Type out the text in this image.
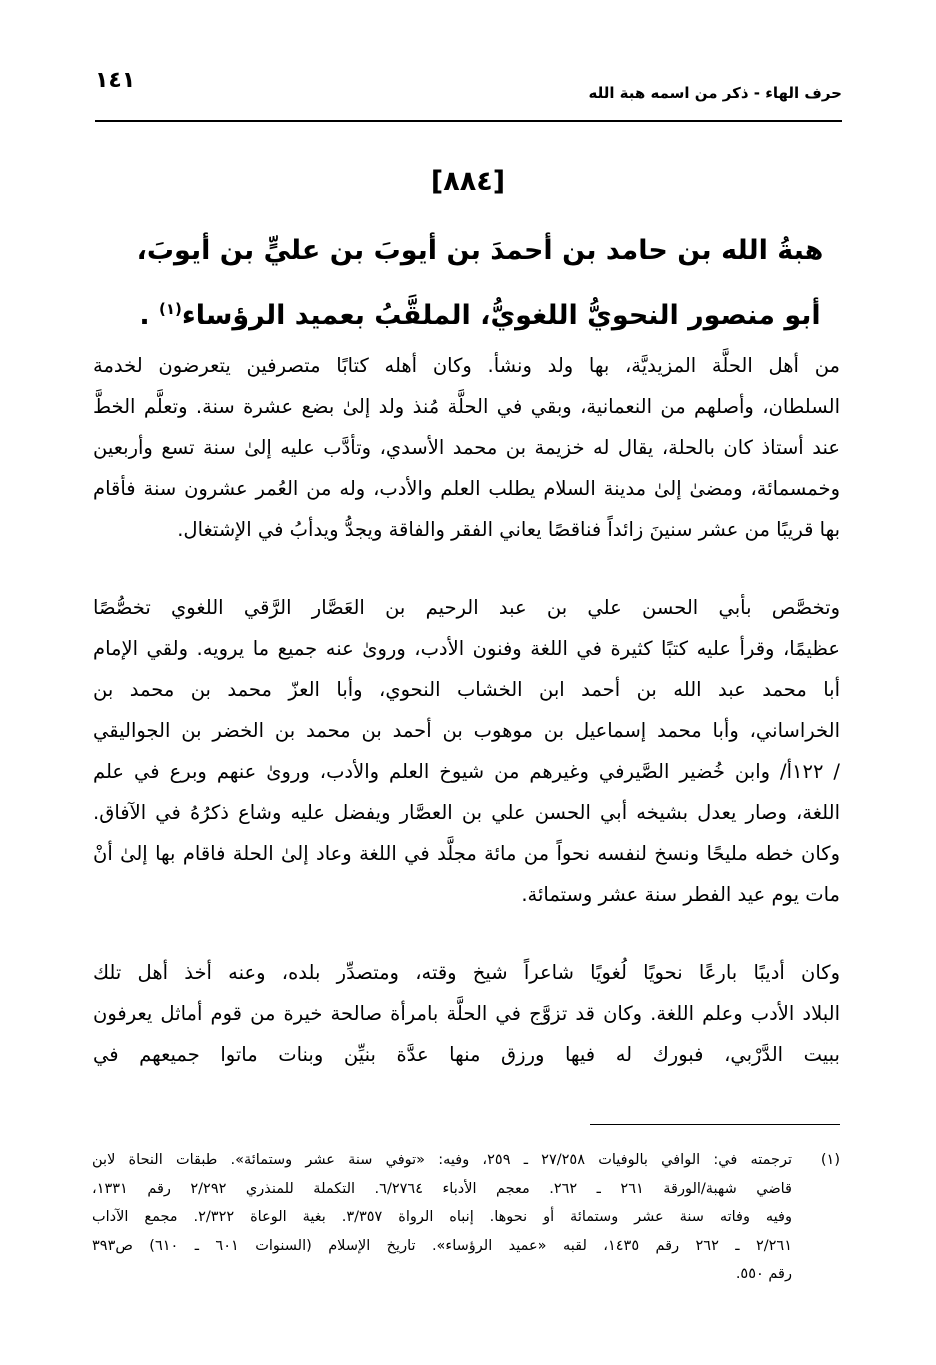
حرف الهاء - ذكر من اسمه هبة الله
١٤١
[٨٨٤]
هبةُ الله بن حامد بن أحمدَ بن أيوبَ بن عليٍّ بن أيوبَ،
أبو منصور النحويُّ اللغويُّ، الملقَّبُ بعميد الرؤساء$^{(١)}$ .
من أهل الحلَّة المزيديَّة، بها ولد ونشأ. وكان أهله كتابًا متصرفين يتعرضون لخدمة
السلطان، وأصلهم من النعمانية، وبقي في الحلَّة مُنذ ولد إلىٰ بضع عشرة سنة. وتعلَّم الخطَّ
عند أستاذ كان بالحلة، يقال له خزيمة بن محمد الأسدي، وتأدَّب عليه إلىٰ سنة تسع وأربعين
وخمسمائة، ومضىٰ إلىٰ مدينة السلام يطلب العلم والأدب، وله من العُمر عشرون سنة فأقام
بها قريبًا من عشر سنينَ زائداً فناقصًا يعاني الفقر والفاقة ويجدُّ ويدأبُ في الإشتغال.
وتخصَّص بأبي الحسن علي بن عبد الرحيم بن العَصَّار الرَّقي اللغوي تخصُّصًا
عظيمًا، وقرأ عليه كتبًا كثيرة في اللغة وفنون الأدب، وروىٰ عنه جميع ما يرويه. ولقي الإمام
أبا محمد عبد الله بن أحمد ابن الخشاب النحوي، وأبا العزّ محمد بن محمد بن
الخراساني، وأبا محمد إسماعيل بن موهوب بن أحمد بن محمد بن الخضر بن الجواليقي
/ ١٢٢أ/ وابن خُضير الصَّيرفي وغيرهم من شيوخ العلم والأدب، وروىٰ عنهم وبرع في علم
اللغة، وصار يعدل بشيخه أبي الحسن علي بن العصَّار ويفضل عليه وشاع ذكرُهُ في الآفاق.
وكان خطه مليحًا ونسخ لنفسه نحواً من مائة مجلَّد في اللغة وعاد إلىٰ الحلة فاقام بها إلىٰ أنْ
مات يوم عيد الفطر سنة عشر وستمائة.
وكان أديبًا بارعًا نحويًا لُغويًا شاعراً شيخ وقته، ومتصدِّر بلده، وعنه أخذ أهل تلك
البلاد الأدب وعلم اللغة. وكان قد تزوَّج في الحلَّة بامرأة صالحة خيرة من قوم أماثل يعرفون
ببيت الدَّرْبي، فبورك له فيها ورزق منها عدَّة بنيِّن وبنات ماتوا جميعهم في
(١)
ترجمته في: الوافي بالوفيات ٢٧/٢٥٨ ـ ٢٥٩، وفيه: «توفي سنة عشر وستمائة». طبقات النحاة لابن
قاضي شهبة/الورقة ٢٦١ ـ ٢٦٢. معجم الأدباء ٦/٢٧٦٤. التكملة للمنذري ٢/٢٩٢ رقم ١٣٣١،
وفيه وفاته سنة عشر وستمائة أو نحوها. إنباه الرواة ٣/٣٥٧. بغية الوعاة ٢/٣٢٢. مجمع الآداب
٢/٢٦١ ـ ٢٦٢ رقم ١٤٣٥، لقبه «عميد الرؤساء». تاريخ الإسلام (السنوات ٦٠١ ـ ٦١٠) ص٣٩٣
رقم ٥٥٠.
